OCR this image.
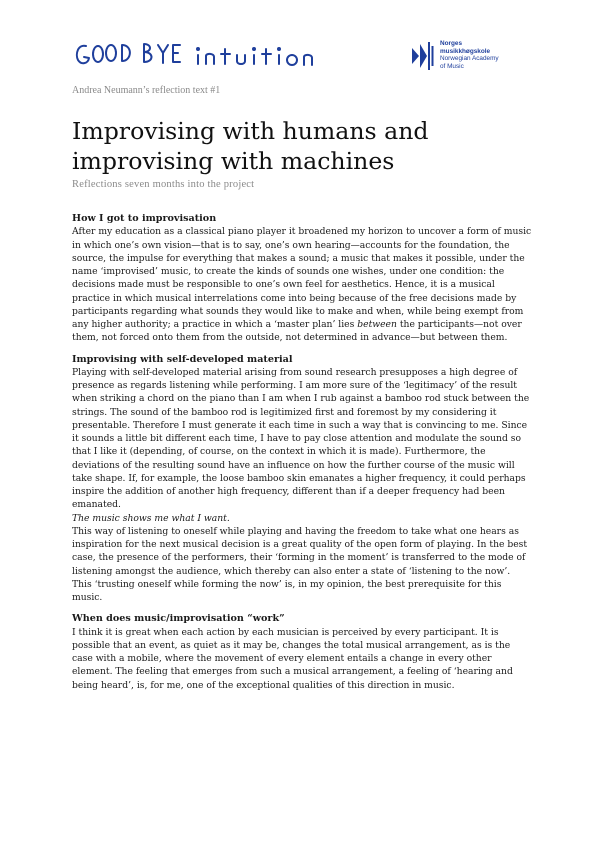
Norges
musikkhøgskole
Norwegian Academy
of Music
Andrea Neumann’s reflection text #1
Improvising with humans and improvising with machines
Reflections seven months into the project
How I got to improvisation

After my education as a classical piano player it broadened my horizon to uncover a form of music in which one’s own vision—that is to say, one’s own hearing—accounts for the foundation, the source, the impulse for everything that makes a sound; a music that makes it possible, under the name ‘improvised’ music, to create the kinds of sounds one wishes, under one condition: the decisions made must be responsible to one’s own feel for aesthetics. Hence, it is a musical practice in which musical interrelations come into being because of the free decisions made by participants regarding what sounds they would like to make and when, while being exempt from any higher authority; a practice in which a ‘master plan’ lies between the participants—not over them, not forced onto them from the outside, not determined in advance—but between them.

Improvising with self-developed material

Playing with self-developed material arising from sound research presupposes a high degree of presence as regards listening while performing. I am more sure of the ‘legitimacy’ of the result when striking a chord on the piano than I am when I rub against a bamboo rod stuck between the strings. The sound of the bamboo rod is legitimized first and foremost by my considering it presentable. Therefore I must generate it each time in such a way that is convincing to me. Since it sounds a little bit different each time, I have to pay close attention and modulate the sound so that I like it (depending, of course, on the context in which it is made). Furthermore, the deviations of the resulting sound have an influence on how the further course of the music will take shape. If, for example, the loose bamboo skin emanates a higher frequency, it could perhaps inspire the addition of another high frequency, different than if a deeper frequency had been emanated.

The music shows me what I want.

This way of listening to oneself while playing and having the freedom to take what one hears as inspiration for the next musical decision is a great quality of the open form of playing. In the best case, the presence of the performers, their ‘forming in the moment’ is transferred to the mode of listening amongst the audience, which thereby can also enter a state of ‘listening to the now’. This ‘trusting oneself while forming the now’ is, in my opinion, the best prerequisite for this music.

When does music/improvisation “work”

I think it is great when each action by each musician is perceived by every participant. It is possible that an event, as quiet as it may be, changes the total musical arrangement, as is the case with a mobile, where the movement of every element entails a change in every other element. The feeling that emerges from such a musical arrangement, a feeling of ‘hearing and being heard’, is, for me, one of the exceptional qualities of this direction in music.
